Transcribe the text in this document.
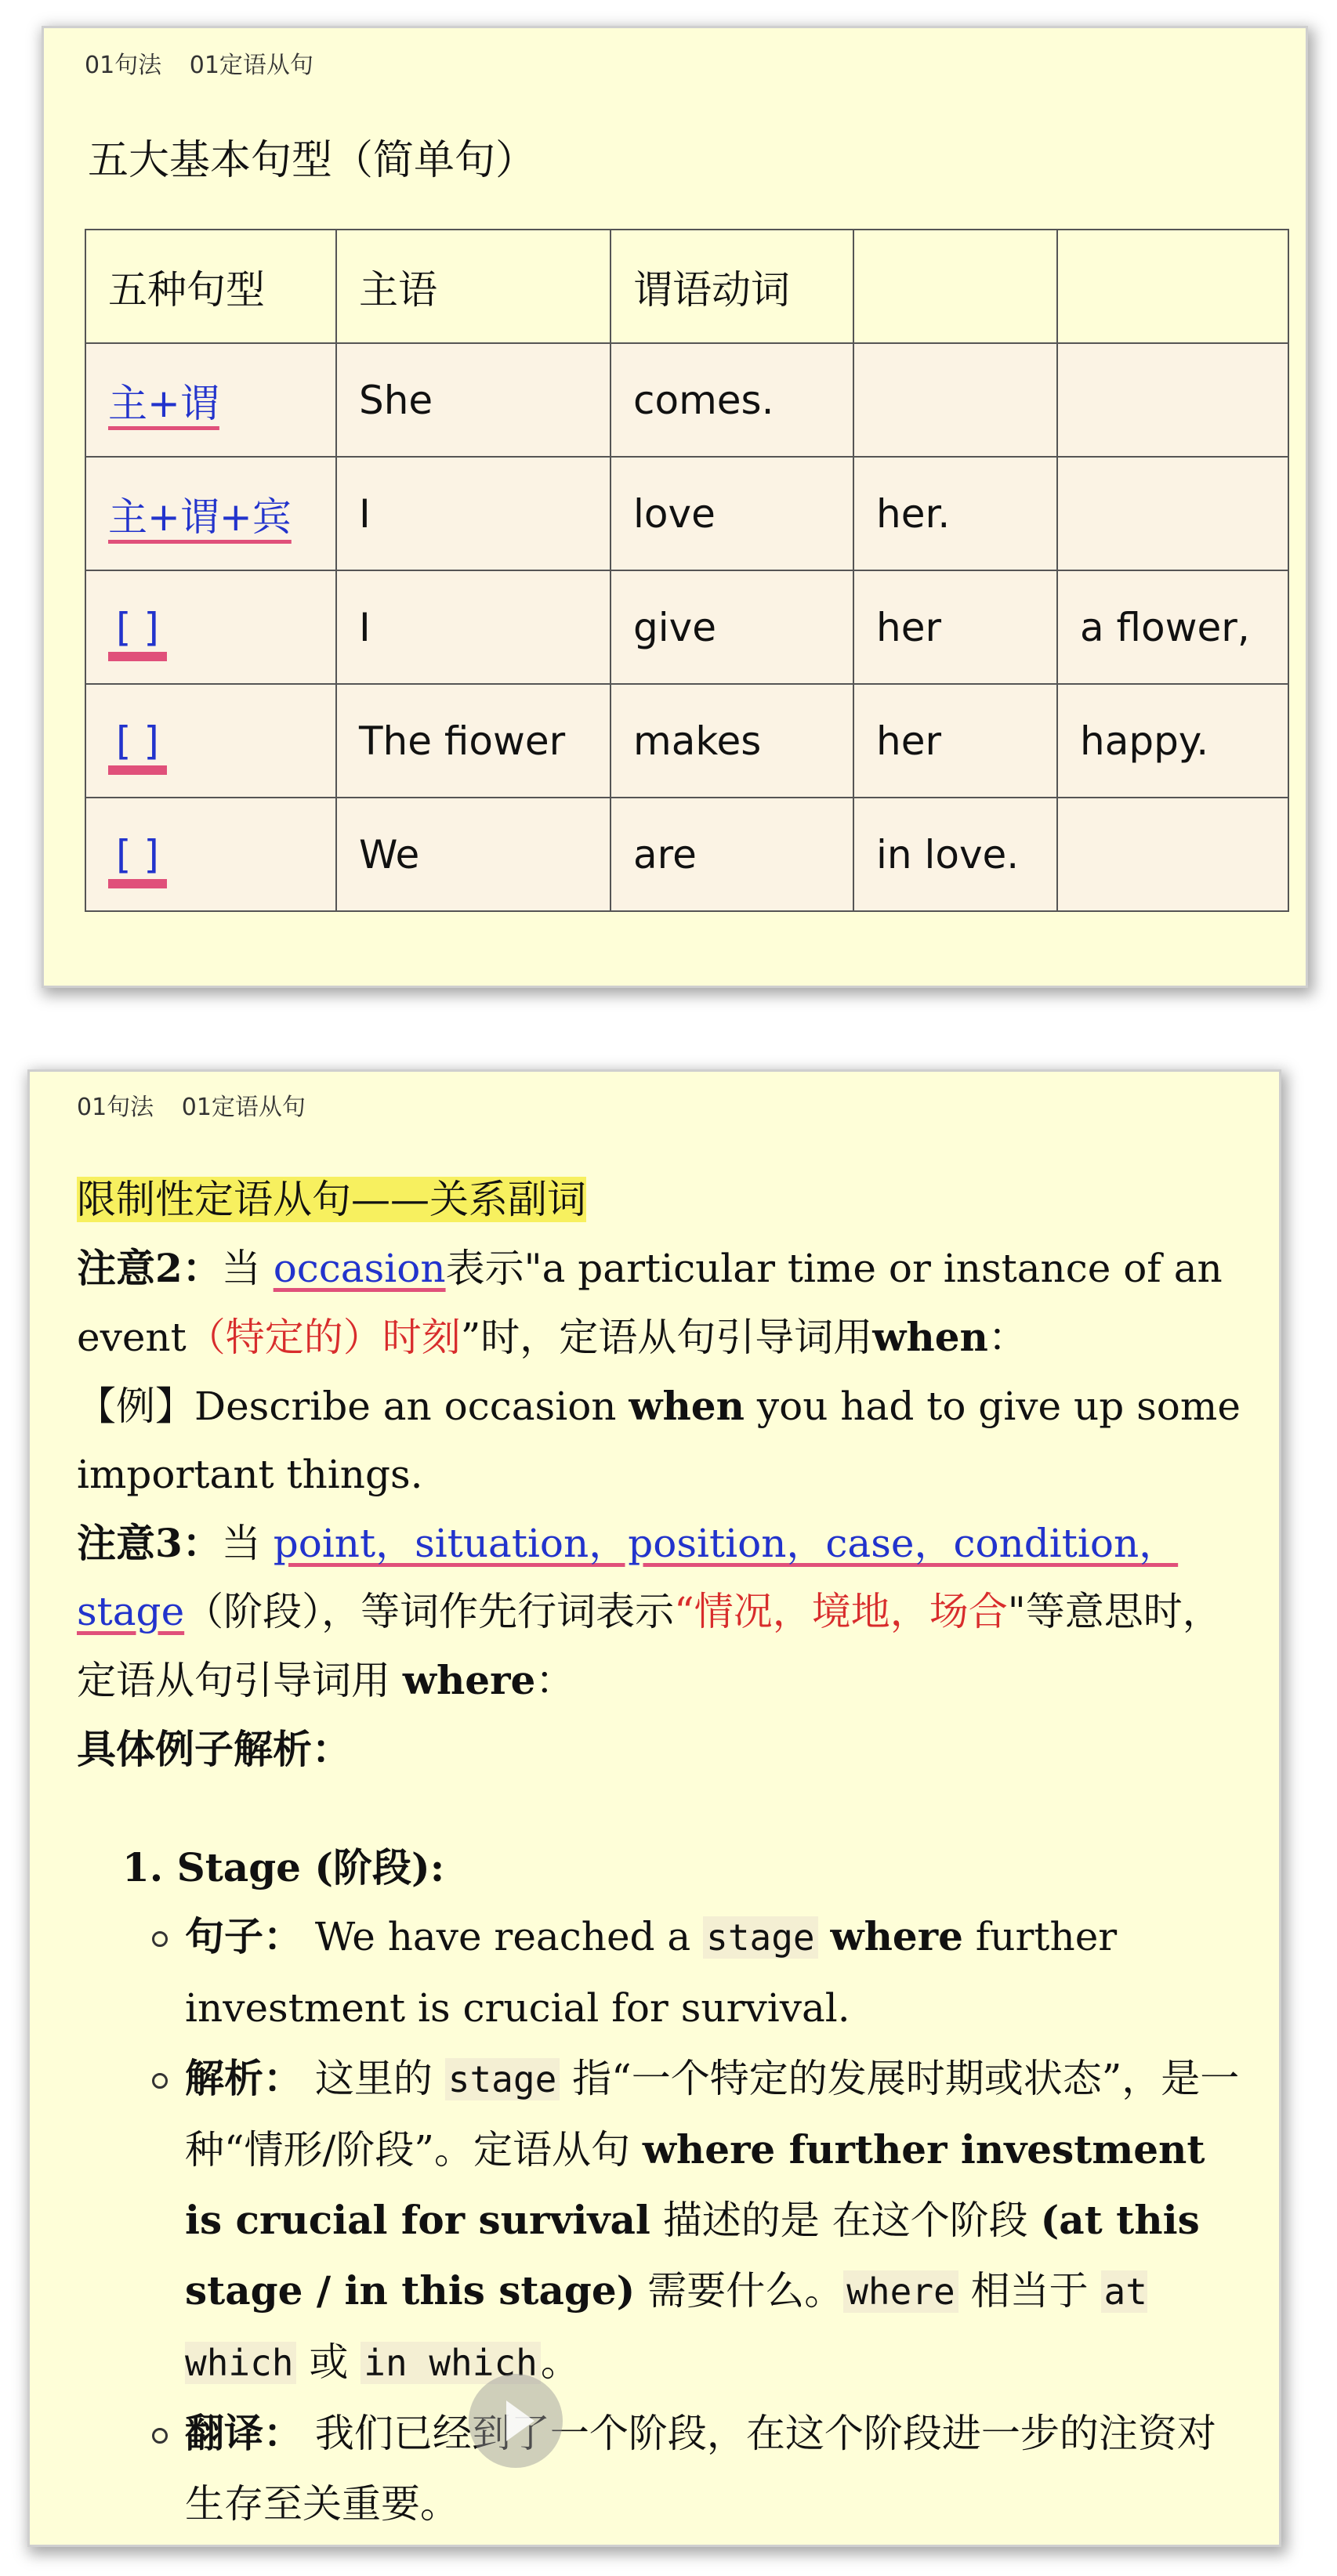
01句法 01定语从句
五大基本句型（简单句）
五种句型	主语	谓语动词		
主+谓	She	comes.		
主+谓+宾	I	love	her.	
[ ]	I	give	her	a flower,
[ ]	The fiower	makes	her	happy.
[ ]	We	are	in love.	
01句法 01定语从句

限制性定语从句——关系副词

注意2：当 occasion表示"a particular time or instance of an event（特定的）时刻”时，定语从句引导词用when：

【例】Describe an occasion when you had to give up some important things.

注意3：当 point，situation，position，case，condition，stage（阶段），等词作先行词表示“情况，境地，场合"等意思时，定语从句引导词用 where：

具体例子解析：

1. Stage (阶段):

句子： We have reached a stage where further investment is crucial for survival.
解析： 这里的 stage 指“一个特定的发展时期或状态”，是一种“情形/阶段”。定语从句 where further investment is crucial for survival 描述的是 在这个阶段 (at this stage / in this stage) 需要什么。where 相当于 at which 或 in which。
翻译： 我们已经到了一个阶段，在这个阶段进一步的注资对生存至关重要。
